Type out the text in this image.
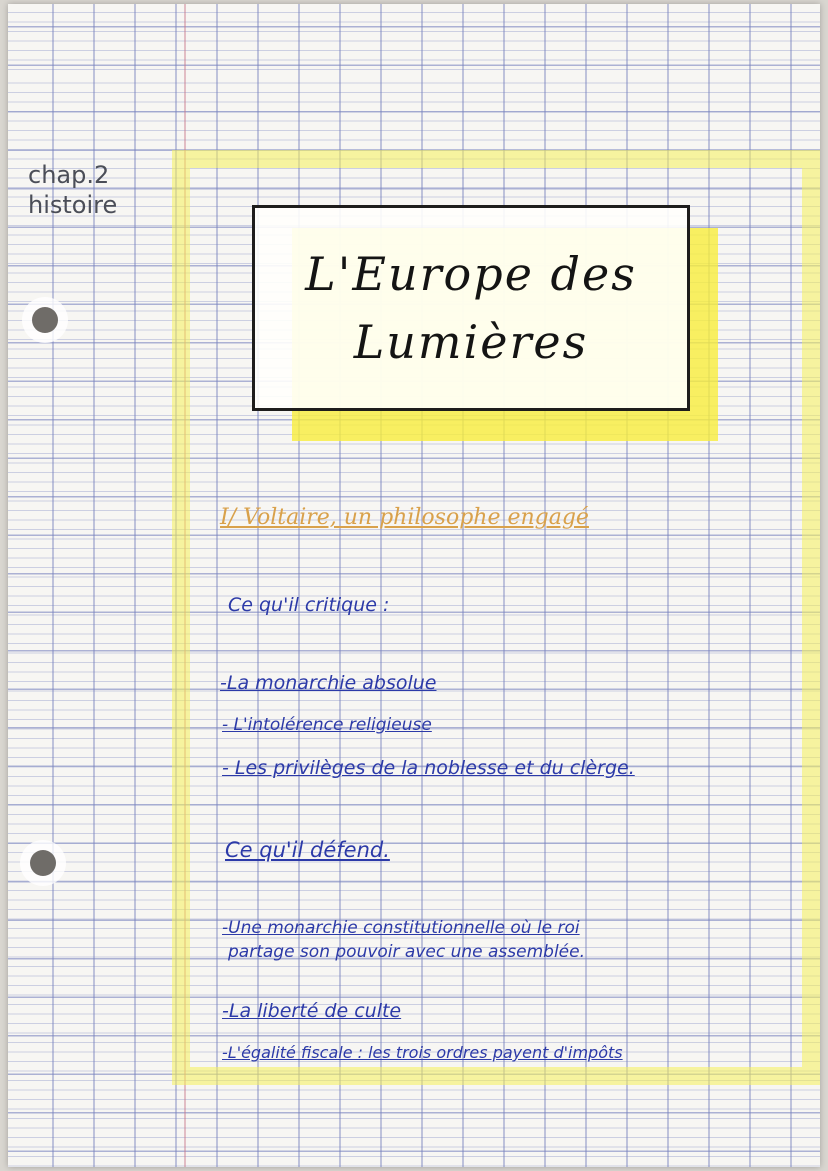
chap.2
histoire
L'Europe des
Lumières
I/ Voltaire, un philosophe engagé
Ce qu'il critique :
-La monarchie absolue
- L'intolérence religieuse
- Les privilèges de la noblesse et du clèrge.
Ce qu'il défend.
-Une monarchie constitutionnelle où le roi
partage son pouvoir avec une assemblée.
-La liberté de culte
-L'égalité fiscale : les trois ordres payent d'impôts
